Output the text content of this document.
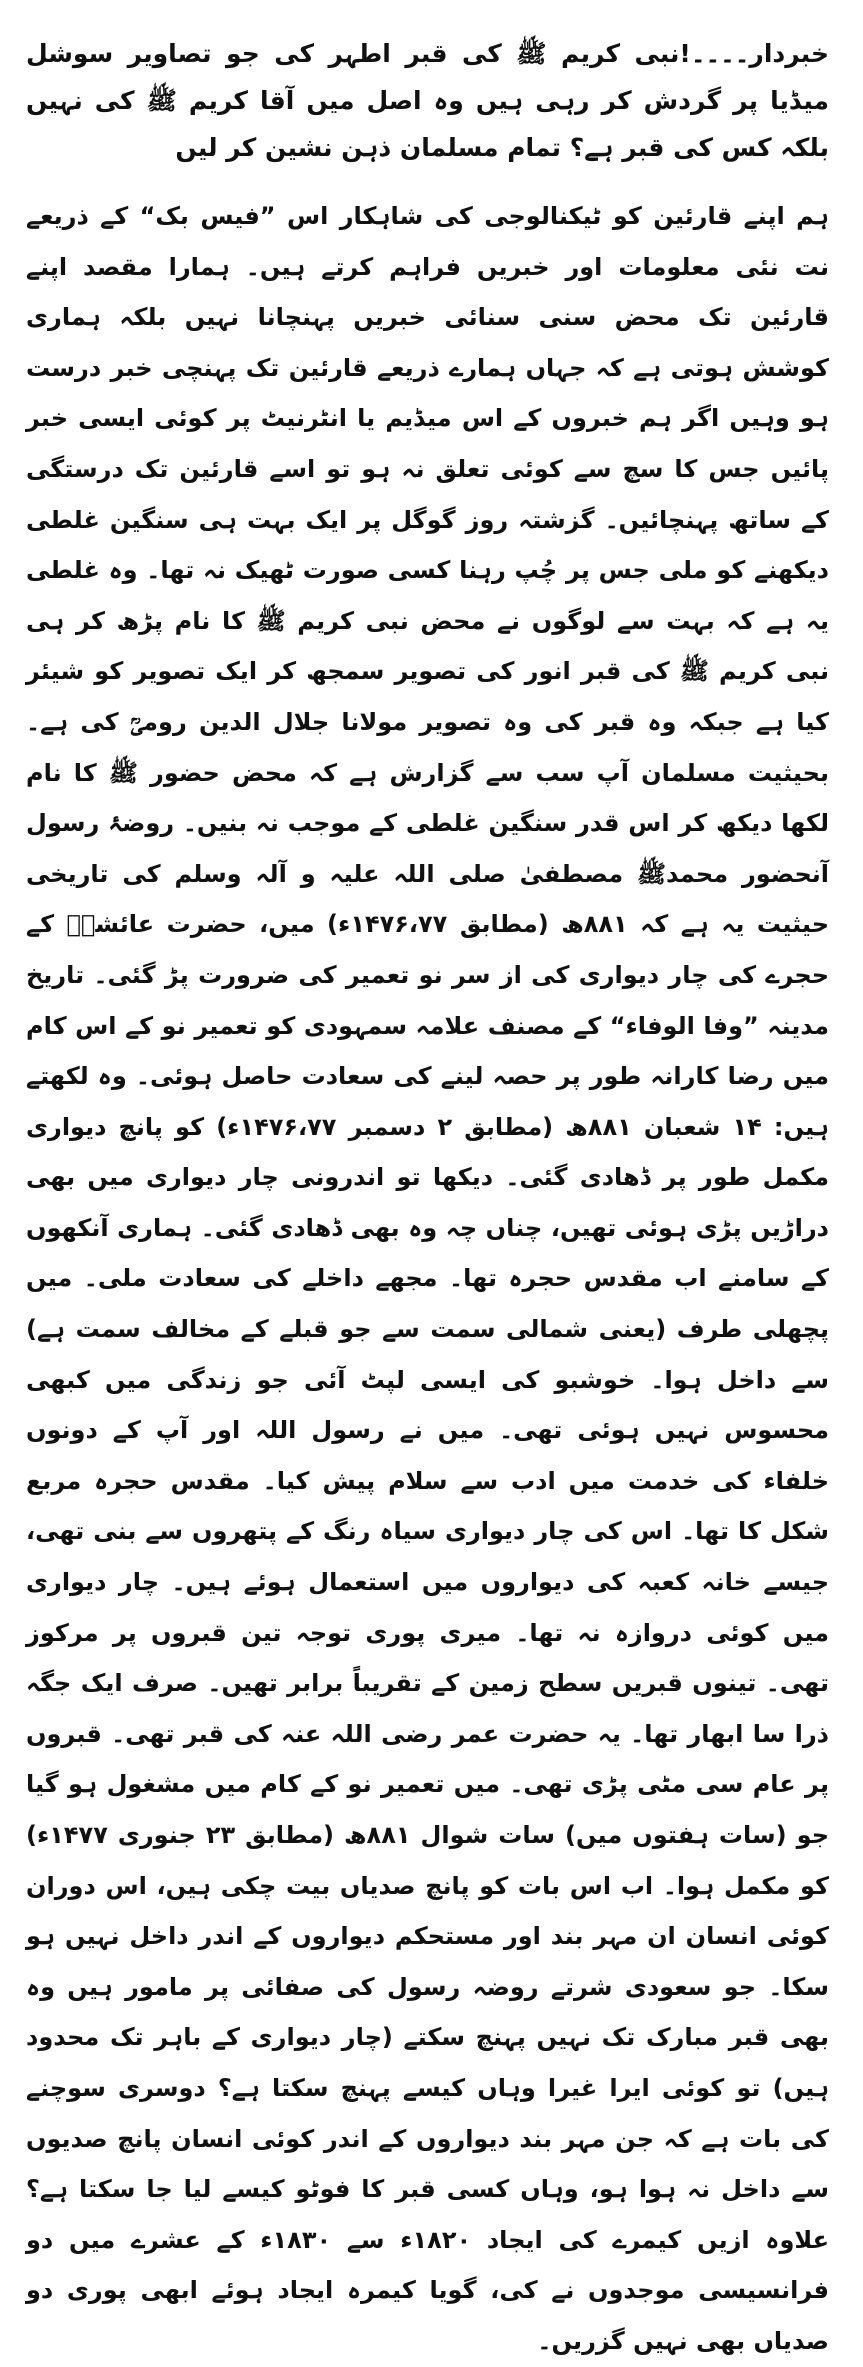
خبردار۔۔۔۔!نبی کریم ﷺ کی قبر اطہر کی جو تصاویر سوشل میڈیا پر گردش کر رہی ہیں وہ اصل میں آقا کریم ﷺ کی نہیں بلکہ کس کی قبر ہے؟ تمام مسلمان ذہن نشین کر لیں

ہم اپنے قارئین کو ٹیکنالوجی کی شاہکار اس ”فیس بک“ کے ذریعے نت نئی معلومات اور خبریں فراہم کرتے ہیں۔ ہمارا مقصد اپنے قارئین تک محض سنی سنائی خبریں پہنچانا نہیں بلکہ ہماری کوشش ہوتی ہے کہ جہاں ہمارے ذریعے قارئین تک پہنچی خبر درست ہو وہیں اگر ہم خبروں کے اس میڈیم یا انٹرنیٹ پر کوئی ایسی خبر پائیں جس کا سچ سے کوئی تعلق نہ ہو تو اسے قارئین تک درستگی کے ساتھ پہنچائیں۔ گزشتہ روز گوگل پر ایک بہت ہی سنگین غلطی دیکھنے کو ملی جس پر چُپ رہنا کسی صورت ٹھیک نہ تھا۔ وہ غلطی یہ ہے کہ بہت سے لوگوں نے محض نبی کریم ﷺ کا نام پڑھ کر ہی نبی کریم ﷺ کی قبر انور کی تصویر سمجھ کر ایک تصویر کو شیئر کیا ہے جبکہ وہ قبر کی وہ تصویر مولانا جلال الدین رومیؒ کی ہے۔ بحیثیت مسلمان آپ سب سے گزارش ہے کہ محض حضور ﷺ کا نام لکھا دیکھ کر اس قدر سنگین غلطی کے موجب نہ بنیں۔ روضۂ رسول آنحضور محمدﷺ مصطفیٰ صلی اللہ علیہ و آلہ وسلم کی تاریخی حیثیت یہ ہے کہ ۸۸۱ھ (مطابق ۱۴۷۶،۷۷ء) میں، حضرت عائشہؓ کے حجرے کی چار دیواری کی از سر نو تعمیر کی ضرورت پڑ گئی۔ تاریخ مدینہ ”وفا الوفاء“ کے مصنف علامہ سمہودی کو تعمیر نو کے اس کام میں رضا کارانہ طور پر حصہ لینے کی سعادت حاصل ہوئی۔ وہ لکھتے ہیں: ۱۴ شعبان ۸۸۱ھ (مطابق ۲ دسمبر ۱۴۷۶،۷۷ء) کو پانچ دیواری مکمل طور پر ڈھادی گئی۔ دیکھا تو اندرونی چار دیواری میں بھی دراڑیں پڑی ہوئی تھیں، چناں چہ وہ بھی ڈھادی گئی۔ ہماری آنکھوں کے سامنے اب مقدس حجرہ تھا۔ مجھے داخلے کی سعادت ملی۔ میں پچھلی طرف (یعنی شمالی سمت سے جو قبلے کے مخالف سمت ہے) سے داخل ہوا۔ خوشبو کی ایسی لپٹ آئی جو زندگی میں کبھی محسوس نہیں ہوئی تھی۔ میں نے رسول اللہ اور آپ کے دونوں خلفاء کی خدمت میں ادب سے سلام پیش کیا۔ مقدس حجرہ مربع شکل کا تھا۔ اس کی چار دیواری سیاہ رنگ کے پتھروں سے بنی تھی، جیسے خانہ کعبہ کی دیواروں میں استعمال ہوئے ہیں۔ چار دیواری میں کوئی دروازہ نہ تھا۔ میری پوری توجہ تین قبروں پر مرکوز تھی۔ تینوں قبریں سطح زمین کے تقریباً برابر تھیں۔ صرف ایک جگہ ذرا سا ابھار تھا۔ یہ حضرت عمر رضی اللہ عنہ کی قبر تھی۔ قبروں پر عام سی مٹی پڑی تھی۔ میں تعمیر نو کے کام میں مشغول ہو گیا جو (سات ہفتوں میں) سات شوال ۸۸۱ھ (مطابق ۲۳ جنوری ۱۴۷۷ء) کو مکمل ہوا۔ اب اس بات کو پانچ صدیاں بیت چکی ہیں، اس دوران کوئی انسان ان مہر بند اور مستحکم دیواروں کے اندر داخل نہیں ہو سکا۔ جو سعودی شرتے روضہ رسول کی صفائی پر مامور ہیں وہ بھی قبر مبارک تک نہیں پہنچ سکتے (چار دیواری کے باہر تک محدود ہیں) تو کوئی ایرا غیرا وہاں کیسے پہنچ سکتا ہے؟ دوسری سوچنے کی بات ہے کہ جن مہر بند دیواروں کے اندر کوئی انسان پانچ صدیوں سے داخل نہ ہوا ہو، وہاں کسی قبر کا فوٹو کیسے لیا جا سکتا ہے؟ علاوہ ازیں کیمرے کی ایجاد ۱۸۲۰ء سے ۱۸۳۰ء کے عشرے میں دو فرانسیسی موجدوں نے کی، گویا کیمرہ ایجاد ہوئے ابھی پوری دو صدیاں بھی نہیں گزریں۔
